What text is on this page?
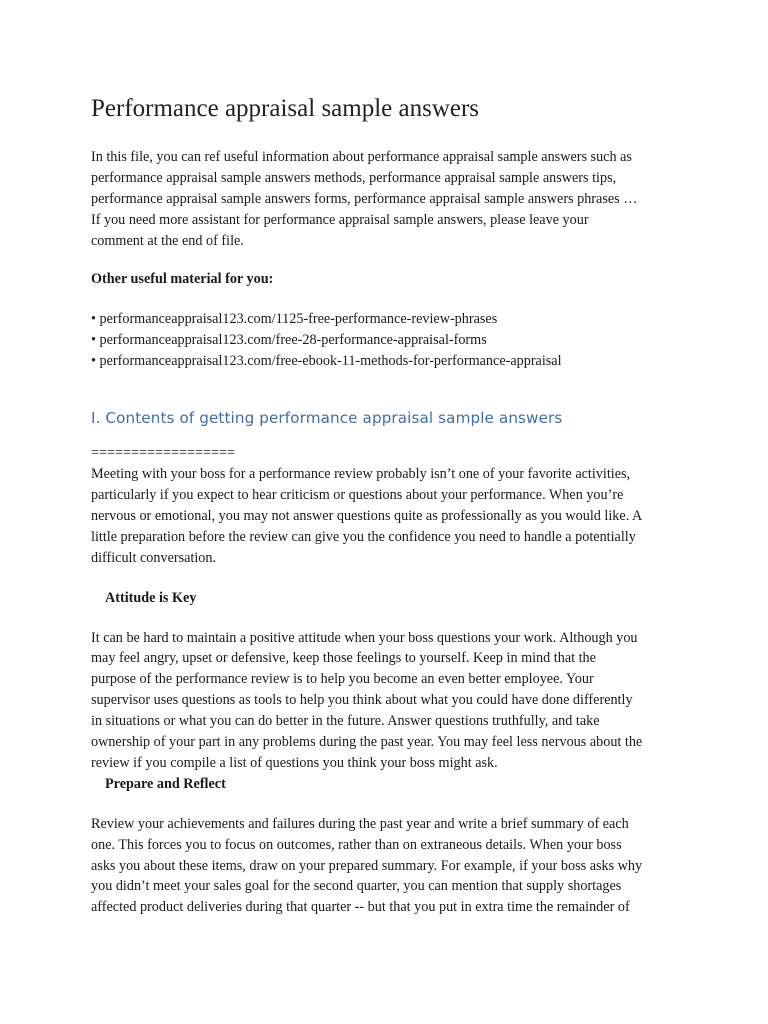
Performance appraisal sample answers
In this file, you can ref useful information about performance appraisal sample answers such as
performance appraisal sample answers methods, performance appraisal sample answers tips,
performance appraisal sample answers forms, performance appraisal sample answers phrases …
If you need more assistant for performance appraisal sample answers, please leave your
comment at the end of file.

Other useful material for you:

• performanceappraisal123.com/1125-free-performance-review-phrases
• performanceappraisal123.com/free-28-performance-appraisal-forms
• performanceappraisal123.com/free-ebook-11-methods-for-performance-appraisal
I. Contents of getting performance appraisal sample answers
==================
Meeting with your boss for a performance review probably isn’t one of your favorite activities,
particularly if you expect to hear criticism or questions about your performance. When you’re
nervous or emotional, you may not answer questions quite as professionally as you would like. A
little preparation before the review can give you the confidence you need to handle a potentially
difficult conversation.
Attitude is Key
It can be hard to maintain a positive attitude when your boss questions your work. Although you
may feel angry, upset or defensive, keep those feelings to yourself. Keep in mind that the
purpose of the performance review is to help you become an even better employee. Your
supervisor uses questions as tools to help you think about what you could have done differently
in situations or what you can do better in the future. Answer questions truthfully, and take
ownership of your part in any problems during the past year. You may feel less nervous about the
review if you compile a list of questions you think your boss might ask.
Prepare and Reflect
Review your achievements and failures during the past year and write a brief summary of each
one. This forces you to focus on outcomes, rather than on extraneous details. When your boss
asks you about these items, draw on your prepared summary. For example, if your boss asks why
you didn’t meet your sales goal for the second quarter, you can mention that supply shortages
affected product deliveries during that quarter -- but that you put in extra time the remainder of
